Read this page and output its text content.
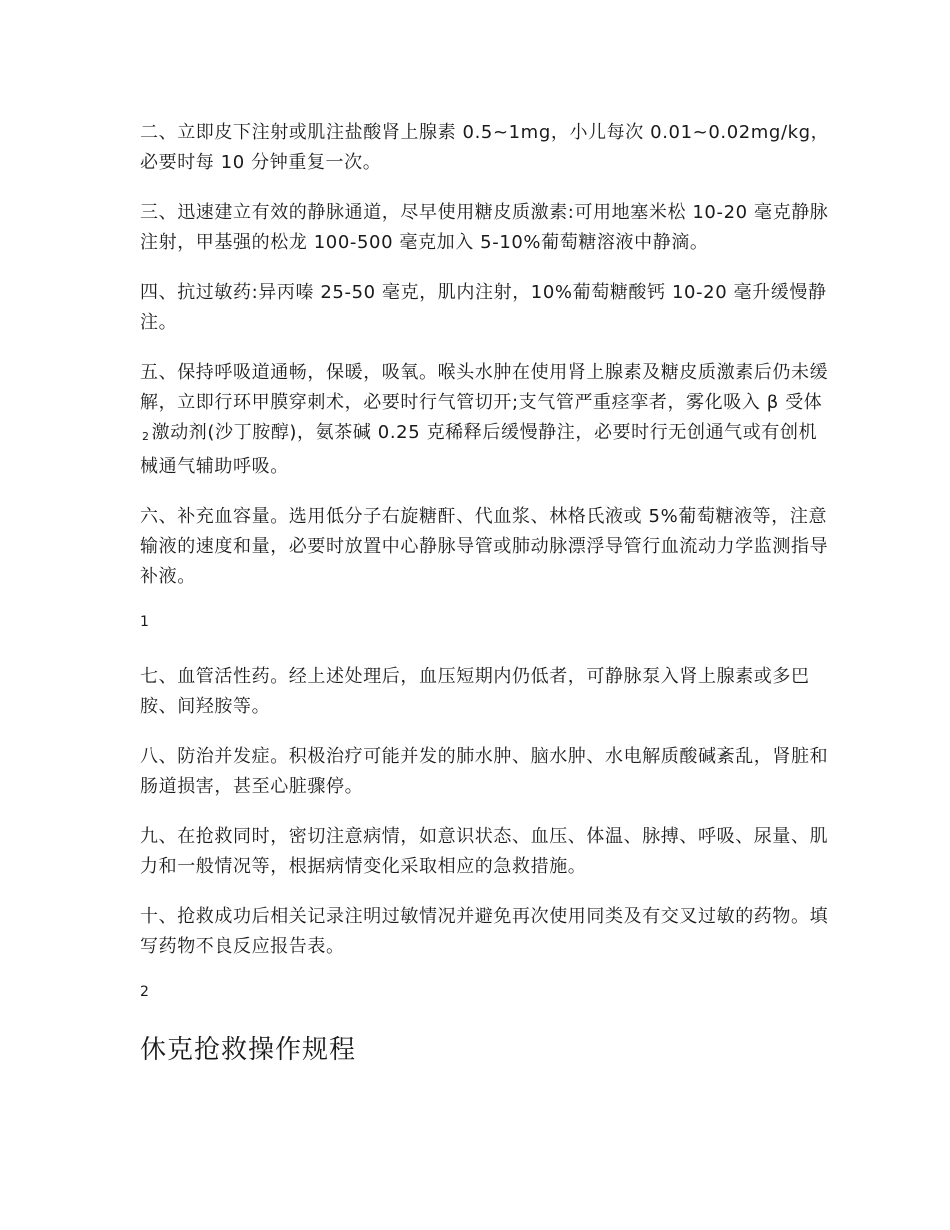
二、立即皮下注射或肌注盐酸肾上腺素 0.5~1mg，小儿每次 0.01~0.02mg/kg，必要时每 10 分钟重复一次。

三、迅速建立有效的静脉通道，尽早使用糖皮质激素:可用地塞米松 10-20 毫克静脉注射，甲基强的松龙 100-500 毫克加入 5-10%葡萄糖溶液中静滴。

四、抗过敏药:异丙嗪 25-50 毫克，肌内注射，10%葡萄糖酸钙 10-20 毫升缓慢静注。

五、保持呼吸道通畅，保暖，吸氧。喉头水肿在使用肾上腺素及糖皮质激素后仍未缓解，立即行环甲膜穿刺术，必要时行气管切开;支气管严重痉挛者，雾化吸入 β 受体2 激动剂(沙丁胺醇)，氨茶碱 0.25 克稀释后缓慢静注，必要时行无创通气或有创机械通气辅助呼吸。

六、补充血容量。选用低分子右旋糖酐、代血浆、林格氏液或 5%葡萄糖液等，注意输液的速度和量，必要时放置中心静脉导管或肺动脉漂浮导管行血流动力学监测指导补液。

1

七、血管活性药。经上述处理后，血压短期内仍低者，可静脉泵入肾上腺素或多巴胺、间羟胺等。

八、防治并发症。积极治疗可能并发的肺水肿、脑水肿、水电解质酸碱紊乱，肾脏和肠道损害，甚至心脏骤停。

九、在抢救同时，密切注意病情，如意识状态、血压、体温、脉搏、呼吸、尿量、肌力和一般情况等，根据病情变化采取相应的急救措施。

十、抢救成功后相关记录注明过敏情况并避免再次使用同类及有交叉过敏的药物。填写药物不良反应报告表。

2
休克抢救操作规程
